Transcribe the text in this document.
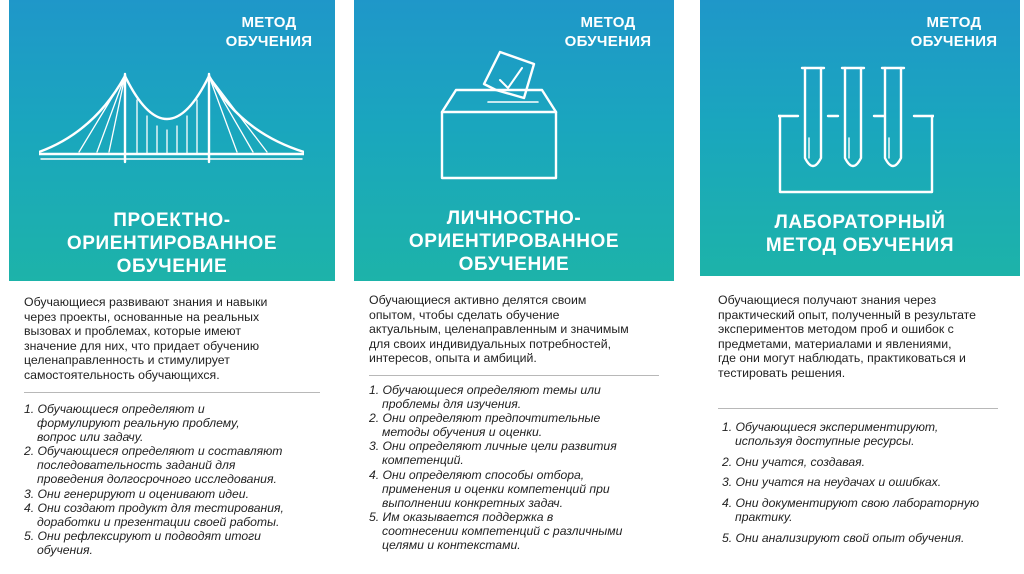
МЕТОД
ОБУЧЕНИЯ
ПРОЕКТНО-
ОРИЕНТИРОВАННОЕ
ОБУЧЕНИЕ
Обучающиеся развивают знания и навыки
через проекты, основанные на реальных
вызовах и проблемах, которые имеют
значение для них, что придает обучению
целенаправленность и стимулирует
самостоятельность обучающихся.
1. Обучающиеся определяют и
формулируют реальную проблему,
вопрос или задачу.
2. Обучающиеся определяют и составляют
последовательность заданий для
проведения долгосрочного исследования.
3. Они генерируют и оценивают идеи.
4. Они создают продукт для тестирования,
доработки и презентации своей работы.
5. Они рефлексируют и подводят итоги
обучения.
МЕТОД
ОБУЧЕНИЯ
ЛИЧНОСТНО-
ОРИЕНТИРОВАННОЕ
ОБУЧЕНИЕ
Обучающиеся активно делятся своим
опытом, чтобы сделать обучение
актуальным, целенаправленным и значимым
для своих индивидуальных потребностей,
интересов, опыта и амбиций.
1. Обучающиеся определяют темы или
проблемы для изучения.
2. Они определяют предпочтительные
методы обучения и оценки.
3. Они определяют личные цели развития
компетенций.
4. Они определяют способы отбора,
применения и оценки компетенций при
выполнении конкретных задач.
5. Им оказывается поддержка в
соотнесении компетенций с различными
целями и контекстами.
МЕТОД
ОБУЧЕНИЯ
ЛАБОРАТОРНЫЙ
МЕТОД ОБУЧЕНИЯ
Обучающиеся получают знания через
практический опыт, полученный в результате
экспериментов методом проб и ошибок с
предметами, материалами и явлениями,
где они могут наблюдать, практиковаться и
тестировать решения.
1. Обучающиеся экспериментируют,
используя доступные ресурсы.
2. Они учатся, создавая.
3. Они учатся на неудачах и ошибках.
4. Они документируют свою лабораторную
практику.
5. Они анализируют свой опыт обучения.
